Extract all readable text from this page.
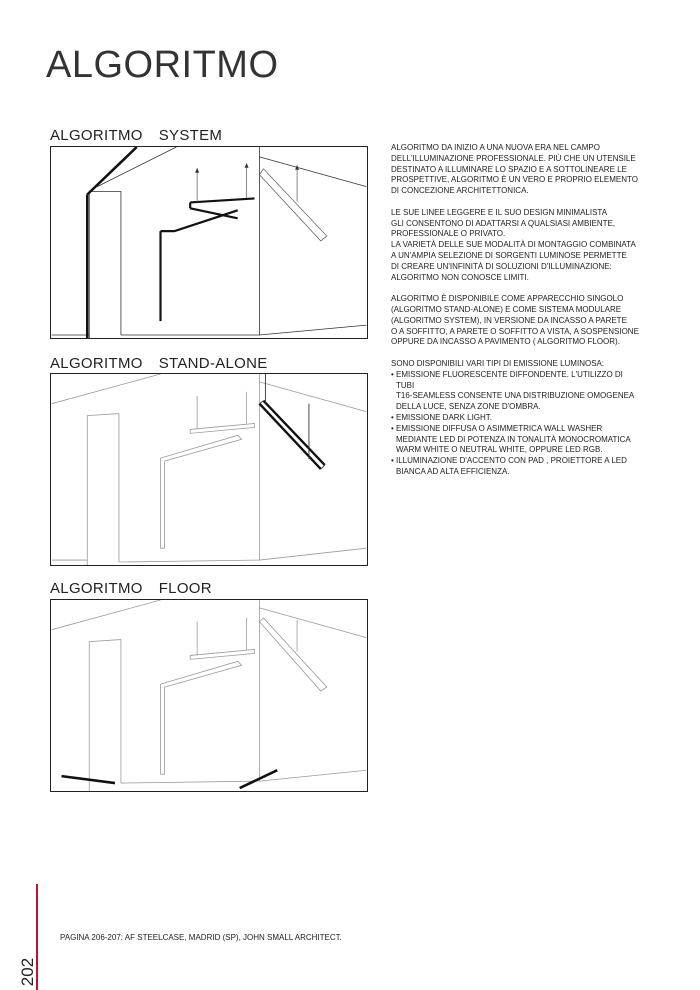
ALGORITMO
ALGORITMO SYSTEM
ALGORITMO STAND-ALONE
ALGORITMO FLOOR

ALGORITMO DA INIZIO A UNA NUOVA ERA NEL CAMPO
DELL'ILLUMINAZIONE PROFESSIONALE. PIÙ CHE UN UTENSILE
DESTINATO A ILLUMINARE LO SPAZIO E A SOTTOLINEARE LE
PROSPETTIVE, ALGORITMO È UN VERO E PROPRIO ELEMENTO
DI CONCEZIONE ARCHITETTONICA.

LE SUE LINEE LEGGERE E IL SUO DESIGN MINIMALISTA
GLI CONSENTONO DI ADATTARSI A QUALSIASI AMBIENTE,
PROFESSIONALE O PRIVATO.
LA VARIETÀ DELLE SUE MODALITÀ DI MONTAGGIO COMBINATA
A UN'AMPIA SELEZIONE DI SORGENTI LUMINOSE PERMETTE
DI CREARE UN'INFINITÀ DI SOLUZIONI D'ILLUMINAZIONE:
ALGORITMO NON CONOSCE LIMITI.

ALGORITMO È DISPONIBILE COME APPARECCHIO SINGOLO
(ALGORITMO STAND-ALONE) E COME SISTEMA MODULARE
(ALGORITMO SYSTEM), IN VERSIONE DA INCASSO A PARETE
O A SOFFITTO, A PARETE O SOFFITTO A VISTA, A SOSPENSIONE
OPPURE DA INCASSO A PAVIMENTO ( ALGORITMO FLOOR).

SONO DISPONIBILI VARI TIPI DI EMISSIONE LUMINOSA:
• EMISSIONE FLUORESCENTE DIFFONDENTE. L'UTILIZZO DI TUBI
T16-SEAMLESS CONSENTE UNA DISTRIBUZIONE OMOGENEA
DELLA LUCE, SENZA ZONE D'OMBRA.
• EMISSIONE DARK LIGHT.
• EMISSIONE DIFFUSA O ASIMMETRICA WALL WASHER
MEDIANTE LED DI POTENZA IN TONALITÀ MONOCROMATICA
WARM WHITE O NEUTRAL WHITE, OPPURE LED RGB.
• ILLUMINAZIONE D'ACCENTO CON PAD , PROIETTORE A LED
BIANCA AD ALTA EFFICIENZA.
202
PAGINA 206-207: AF STEELCASE, MADRID (SP), JOHN SMALL ARCHITECT.
